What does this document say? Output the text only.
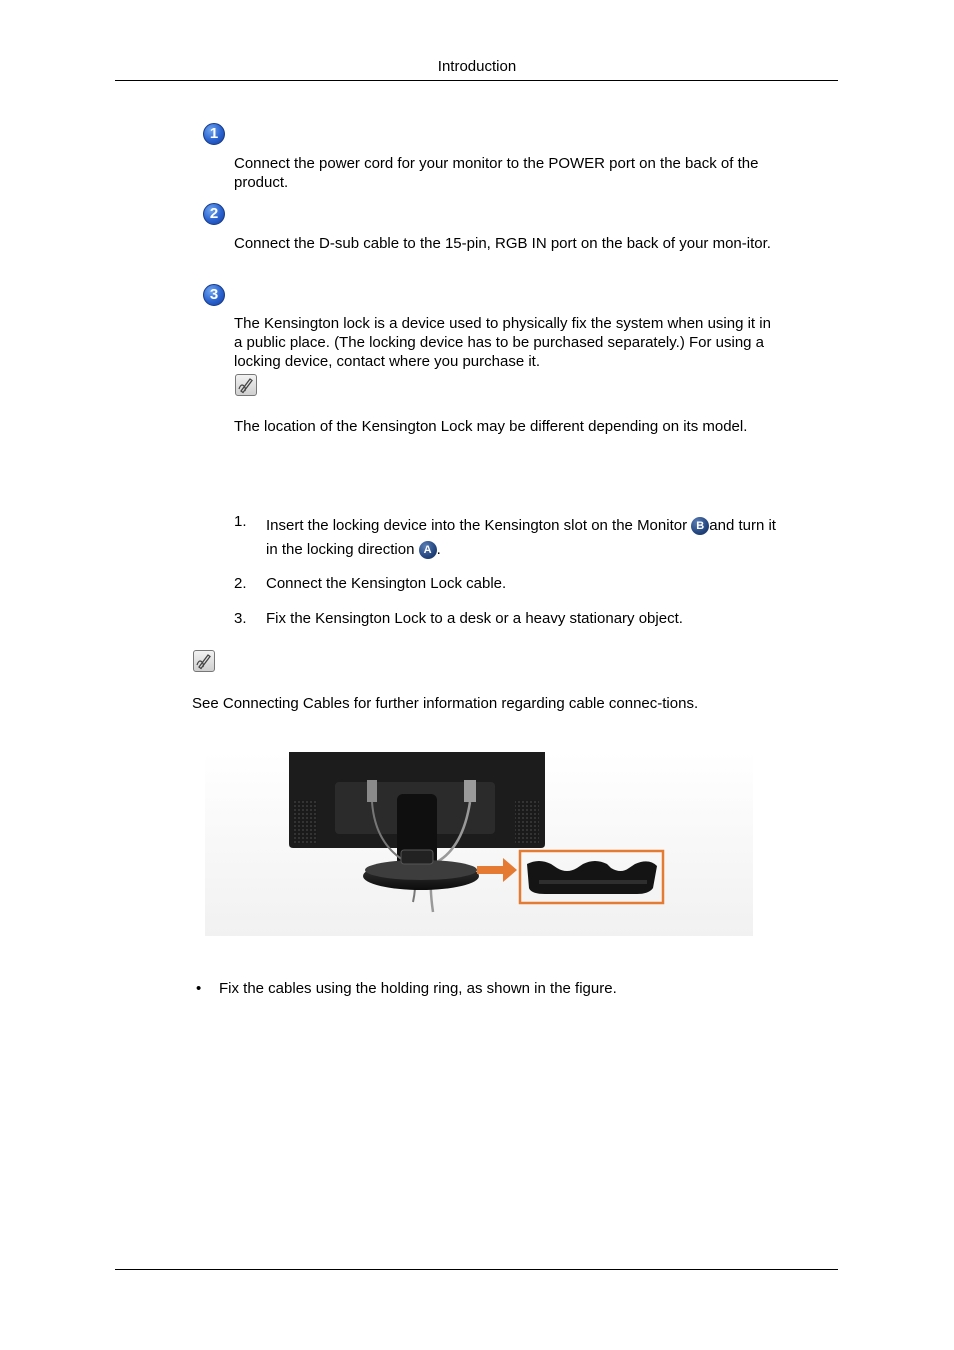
Introduction
1
Connect the power cord for your monitor to the POWER port on the back of the product.
2
Connect the D-sub cable to the 15-pin, RGB IN port on the back of your mon-itor.
3
The Kensington lock is a device used to physically fix the system when using it in a public place. (The locking device has to be purchased separately.) For using a locking device, contact where you purchase it.
The location of the Kensington Lock may be different depending on its model.
1. Insert the locking device into the Kensington slot on the Monitor B and turn it in the locking direction A .
2. Connect the Kensington Lock cable.
3. Fix the Kensington Lock to a desk or a heavy stationary object.
See Connecting Cables for further information regarding cable connec-tions.
• Fix the cables using the holding ring, as shown in the figure.
